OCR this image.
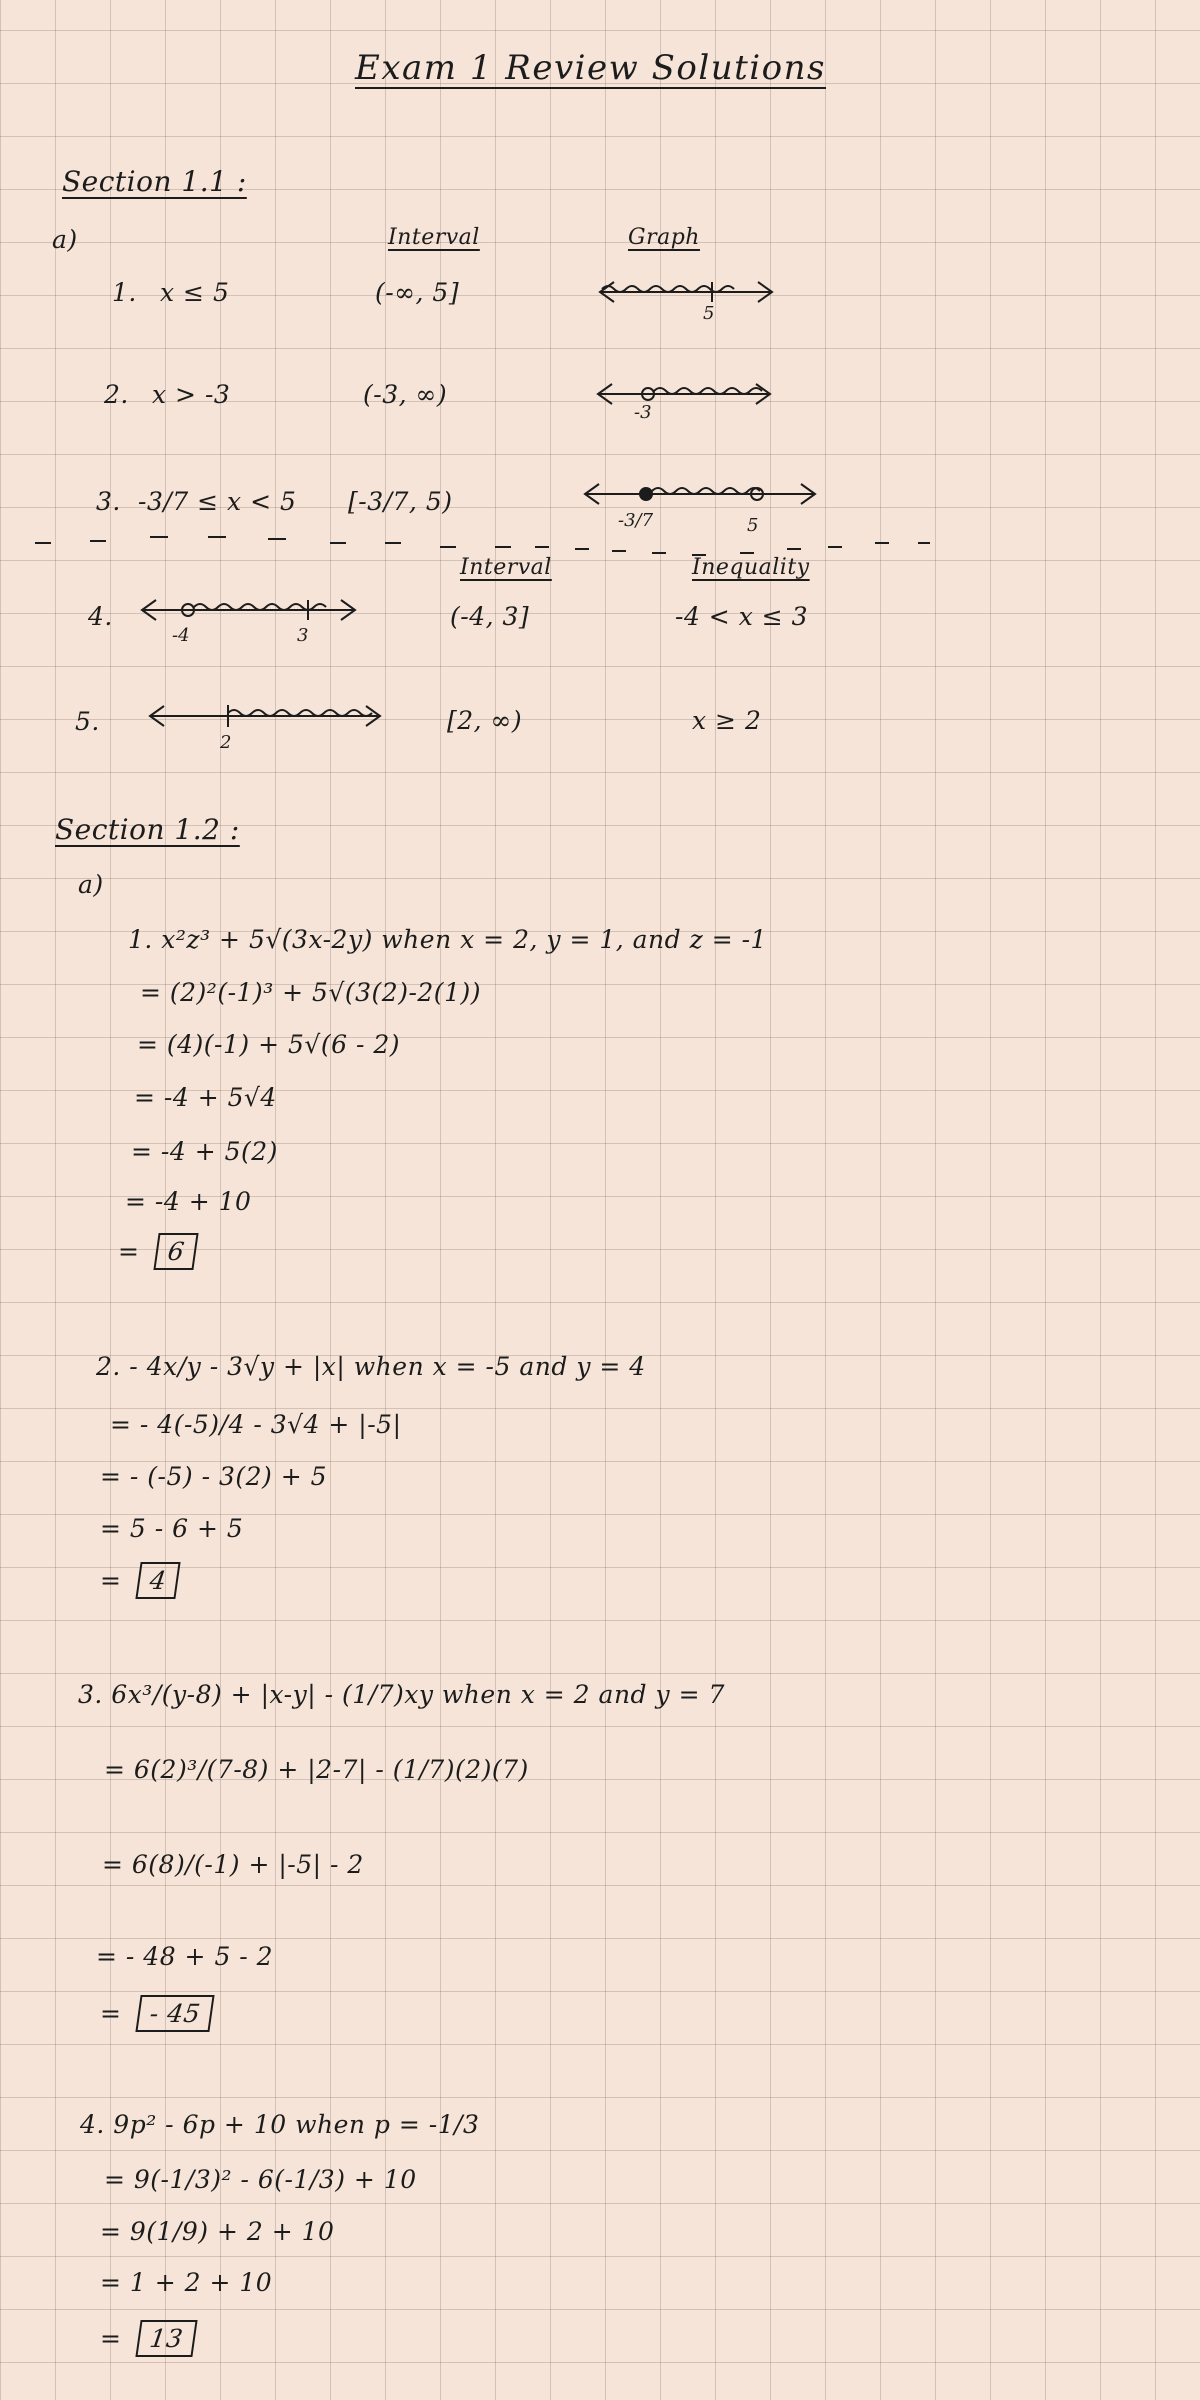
Exam 1 Review Solutions
Section 1.1 :
a)	Interval	Graph
1. x ≤ 5	(-∞, 5]
5
2. x > -3	(-3, ∞)
-3
3. -3/7 ≤ x < 5 [-3/7, 5)
-3/7	5
Interval	Inequality
4.
-4	3
(-4, 3]	-4 < x ≤ 3
5.
2
[2, ∞)	x ≥ 2
Section 1.2 :
a)
1. x²z³ + 5√(3x-2y) when x = 2, y = 1, and z = -1
= (2)²(-1)³ + 5√(3(2)-2(1))
= (4)(-1) + 5√(6 - 2)
= -4 + 5√4
= -4 + 5(2)
= -4 + 10
=  6
2. - 4x/y - 3√y + |x| when x = -5 and y = 4
= - 4(-5)/4 - 3√4 + |-5|
= - (-5) - 3(2) + 5
= 5 - 6 + 5
=  4
3. 6x³/(y-8) + |x-y| - (1/7)xy when x = 2 and y = 7
= 6(2)³/(7-8) + |2-7| - (1/7)(2)(7)
= 6(8)/(-1) + |-5| - 2
= - 48 + 5 - 2
=  - 45
4. 9p² - 6p + 10 when p = -1/3
= 9(-1/3)² - 6(-1/3) + 10
= 9(1/9) + 2 + 10
= 1 + 2 + 10
=  13
